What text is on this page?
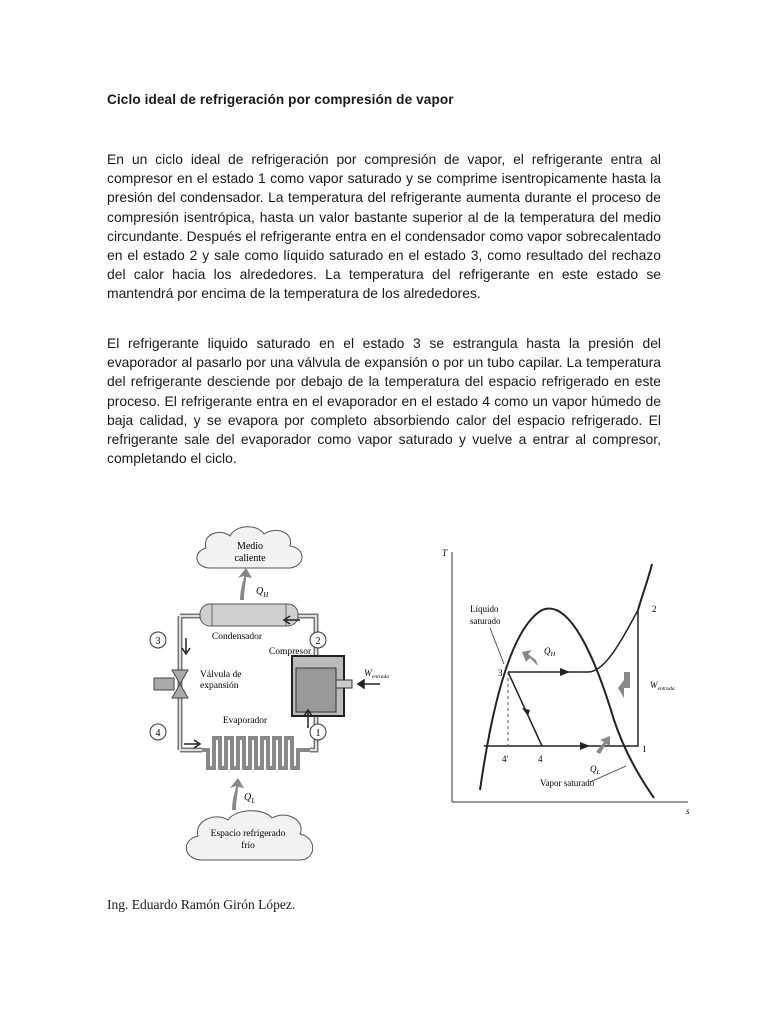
Ciclo ideal de refrigeración por compresión de vapor

En un ciclo ideal de refrigeración por compresión de vapor, el refrigerante entra al compresor en el estado 1 como vapor saturado y se comprime isentropicamente hasta la presión del condensador. La temperatura del refrigerante aumenta durante el proceso de compresión isentrópica, hasta un valor bastante superior al de la temperatura del medio circundante. Después el refrigerante entra en el condensador como vapor sobrecalentado en el estado 2 y sale como líquido saturado en el estado 3, como resultado del rechazo del calor hacia los alrededores. La temperatura del refrigerante en este estado se mantendrá por encima de la temperatura de los alrededores.

El refrigerante liquido saturado en el estado 3 se estrangula hasta la presión del evaporador al pasarlo por una válvula de expansión o por un tubo capilar. La temperatura del refrigerante desciende por debajo de la temperatura del espacio refrigerado en este proceso. El refrigerante entra en el evaporador en el estado 4 como un vapor húmedo de baja calidad, y se evapora por completo absorbiendo calor del espacio refrigerado. El refrigerante sale del evaporador como vapor saturado y vuelve a entrar al compresor, completando el ciclo.

Medio
caliente
$Q_H$
Condensador
Compresor
$W_{entrada}$
Válvula de
expansión
Evaporador
3	2
4	1
$Q_L$
Espacio refrigerado
frío
T
s
$Q_H$
$Q_L$
$W_{entrada}$
Líquido
saturado
Vapor saturado
3
1
2
4
4'
Ing. Eduardo Ramón Girón López.
